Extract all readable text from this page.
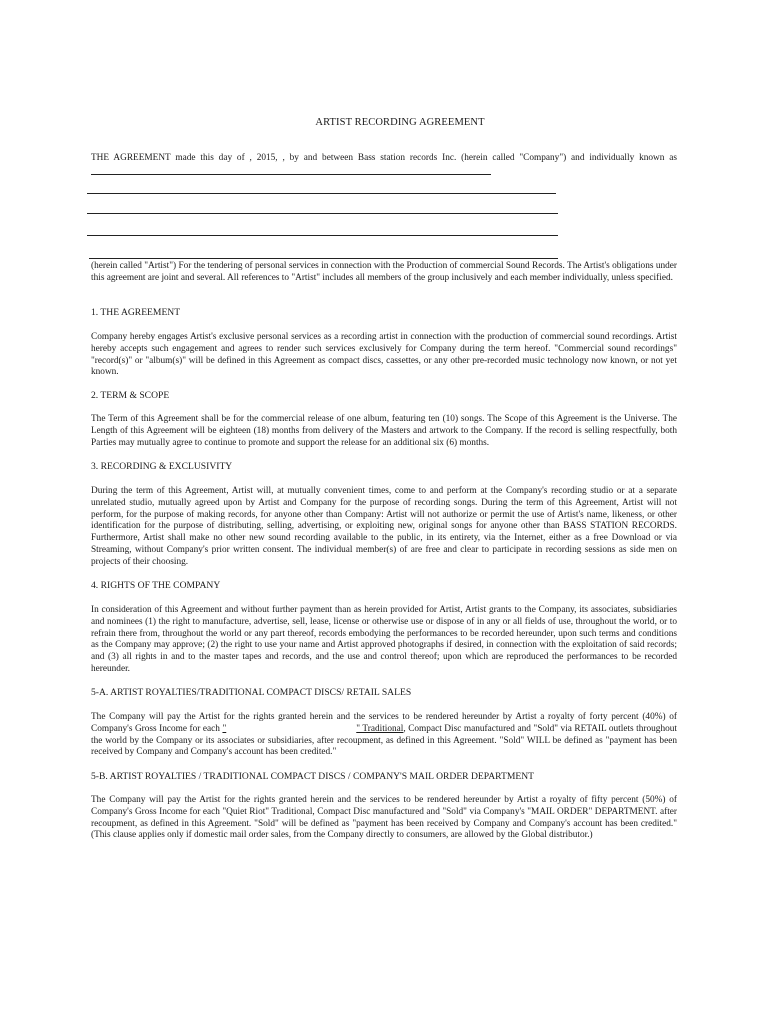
ARTIST RECORDING AGREEMENT
THE AGREEMENT made this day of , 2015, , by and between Bass station records Inc. (herein called "Company") and individually known as
(herein called "Artist") For the tendering of personal services in connection with the Production of commercial Sound Records. The Artist's obligations under this agreement are joint and several. All references to "Artist" includes all members of the group inclusively and each member individually, unless specified.
1. THE AGREEMENT
Company hereby engages Artist's exclusive personal services as a recording artist in connection with the production of commercial sound recordings. Artist hereby accepts such engagement and agrees to render such services exclusively for Company during the term hereof. "Commercial sound recordings" "record(s)" or "album(s)" will be defined in this Agreement as compact discs, cassettes, or any other pre-recorded music technology now known, or not yet known.
2. TERM & SCOPE
The Term of this Agreement shall be for the commercial release of one album, featuring ten (10) songs. The Scope of this Agreement is the Universe. The Length of this Agreement will be eighteen (18) months from delivery of the Masters and artwork to the Company. If the record is selling respectfully, both Parties may mutually agree to continue to promote and support the release for an additional six (6) months.
3. RECORDING & EXCLUSIVITY
During the term of this Agreement, Artist will, at mutually convenient times, come to and perform at the Company's recording studio or at a separate unrelated studio, mutually agreed upon by Artist and Company for the purpose of recording songs. During the term of this Agreement, Artist will not perform, for the purpose of making records, for anyone other than Company: Artist will not authorize or permit the use of Artist's name, likeness, or other identification for the purpose of distributing, selling, advertising, or exploiting new, original songs for anyone other than BASS STATION RECORDS. Furthermore, Artist shall make no other new sound recording available to the public, in its entirety, via the Internet, either as a free Download or via Streaming, without Company's prior written consent. The individual member(s) of are free and clear to participate in recording sessions as side men on projects of their choosing.
4. RIGHTS OF THE COMPANY
In consideration of this Agreement and without further payment than as herein provided for Artist, Artist grants to the Company, its associates, subsidiaries and nominees (1) the right to manufacture, advertise, sell, lease, license or otherwise use or dispose of in any or all fields of use, throughout the world, or to refrain there from, throughout the world or any part thereof, records embodying the performances to be recorded hereunder, upon such terms and conditions as the Company may approve; (2) the right to use your name and Artist approved photographs if desired, in connection with the exploitation of said records; and (3) all rights in and to the master tapes and records, and the use and control thereof; upon which are reproduced the performances to be recorded hereunder.
5-A. ARTIST ROYALTIES/TRADITIONAL COMPACT DISCS/ RETAIL SALES
The Company will pay the Artist for the rights granted herein and the services to be rendered hereunder by Artist a royalty of forty percent (40%) of Company's Gross Income for each "	" Traditional, Compact Disc manufactured and "Sold" via RETAIL outlets throughout the world by the Company or its associates or subsidiaries, after recoupment, as defined in this Agreement. "Sold" WILL be defined as "payment has been received by Company and Company's account has been credited."
5-B. ARTIST ROYALTIES / TRADITIONAL COMPACT DISCS / COMPANY'S MAIL ORDER DEPARTMENT
The Company will pay the Artist for the rights granted herein and the services to be rendered hereunder by Artist a royalty of fifty percent (50%) of Company's Gross Income for each "Quiet Riot" Traditional, Compact Disc manufactured and "Sold" via Company's "MAIL ORDER" DEPARTMENT. after recoupment, as defined in this Agreement. "Sold" will be defined as "payment has been received by Company and Company's account has been credited." (This clause applies only if domestic mail order sales, from the Company directly to consumers, are allowed by the Global distributor.)
